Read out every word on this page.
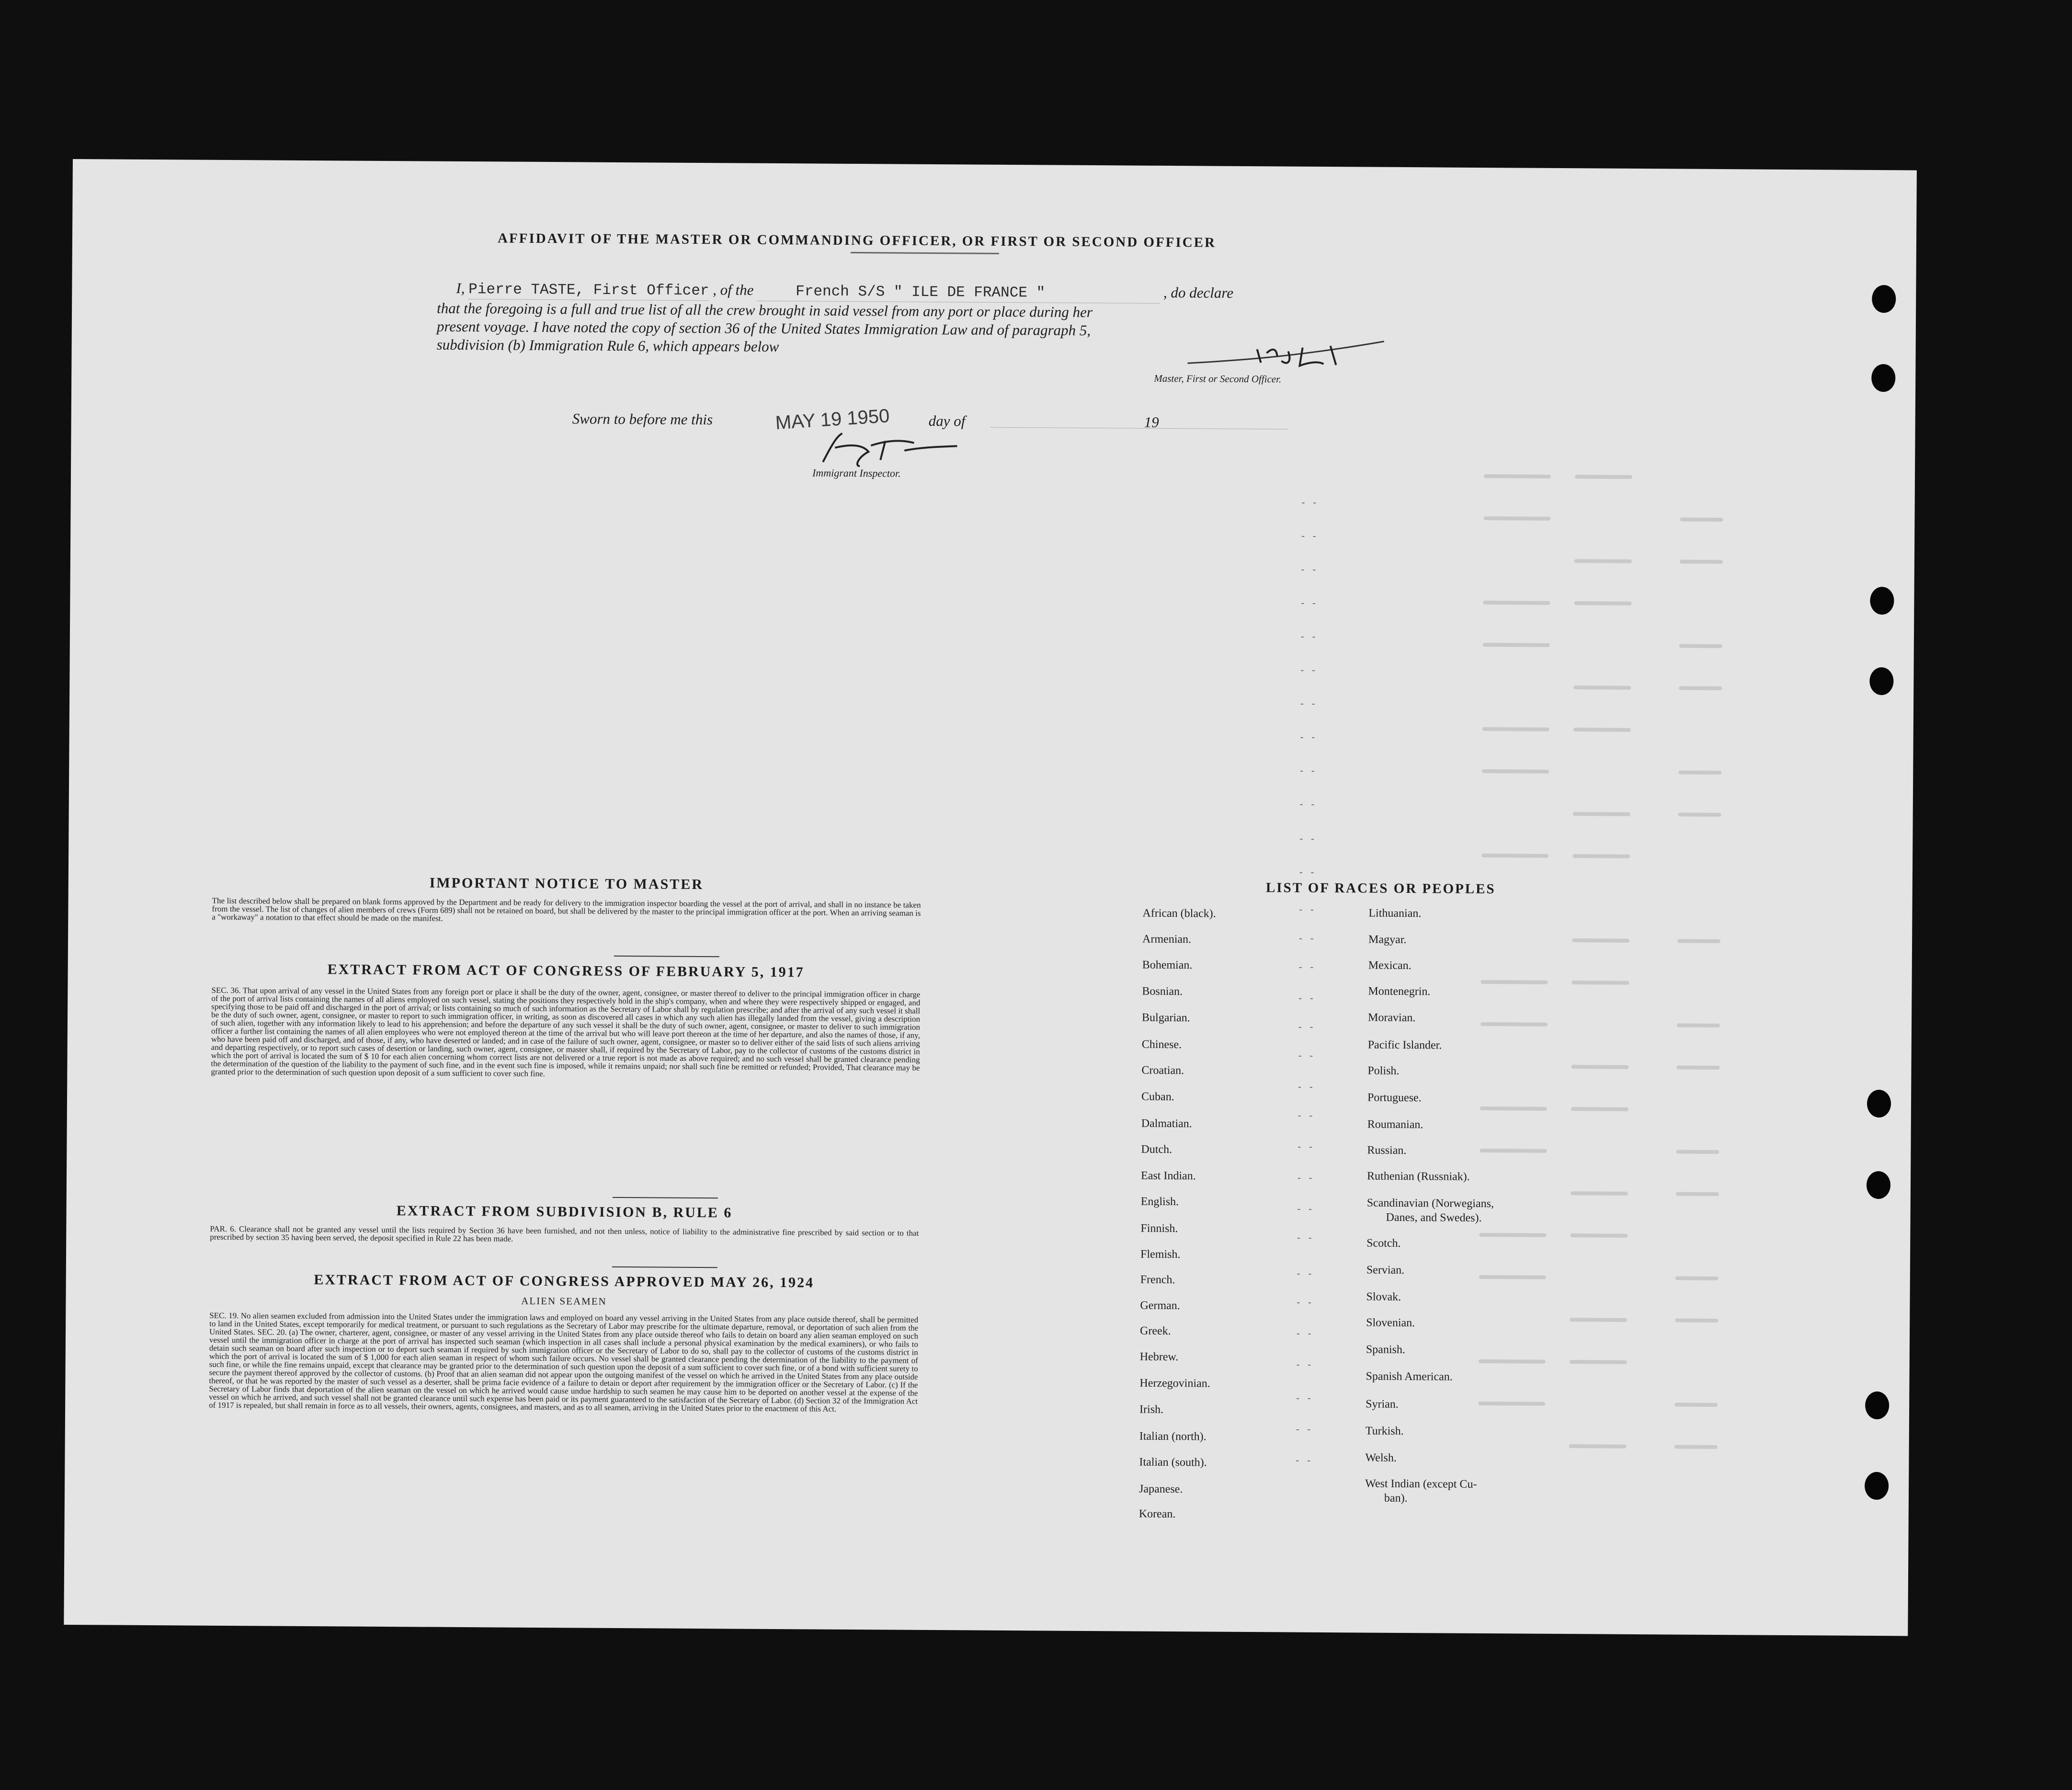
AFFIDAVIT OF THE MASTER OR COMMANDING OFFICER, OR FIRST OR SECOND OFFICER
I, Pierre TASTE, First Officer , of the	French S/S " ILE DE FRANCE "	, do declare
that the foregoing is a full and true list of all the crew brought in said vessel from any port or place during her
present voyage. I have noted the copy of section 36 of the United States Immigration Law and of paragraph 5,
subdivision (b) Immigration Rule 6, which appears below
Master, First or Second Officer.
Sworn to before me this	MAY 19 1950	day of	19
Immigrant Inspector.
IMPORTANT NOTICE TO MASTER
The list described below shall be prepared on blank forms approved by the Department and be ready for delivery to the immigration inspector boarding the vessel at the port of arrival, and shall in no instance be taken from the vessel. The list of changes of alien members of crews (Form 689) shall not be retained on board, but shall be delivered by the master to the principal immigration officer at the port. When an arriving seaman is a "workaway" a notation to that effect should be made on the manifest.
EXTRACT FROM ACT OF CONGRESS OF FEBRUARY 5, 1917
SEC. 36. That upon arrival of any vessel in the United States from any foreign port or place it shall be the duty of the owner, agent, consignee, or master thereof to deliver to the principal immigration officer in charge of the port of arrival lists containing the names of all aliens employed on such vessel, stating the positions they respectively hold in the ship's company, when and where they were respectively shipped or engaged, and specifying those to be paid off and discharged in the port of arrival; or lists containing so much of such information as the Secretary of Labor shall by regulation prescribe; and after the arrival of any such vessel it shall be the duty of such owner, agent, consignee, or master to report to such immigration officer, in writing, as soon as discovered all cases in which any such alien has illegally landed from the vessel, giving a description of such alien, together with any information likely to lead to his apprehension; and before the departure of any such vessel it shall be the duty of such owner, agent, consignee, or master to deliver to such immigration officer a further list containing the names of all alien employees who were not employed thereon at the time of the arrival but who will leave port thereon at the time of her departure, and also the names of those, if any, who have been paid off and discharged, and of those, if any, who have deserted or landed; and in case of the failure of such owner, agent, consignee, or master so to deliver either of the said lists of such aliens arriving and departing respectively, or to report such cases of desertion or landing, such owner, agent, consignee, or master shall, if required by the Secretary of Labor, pay to the collector of customs of the customs district in which the port of arrival is located the sum of $ 10 for each alien concerning whom correct lists are not delivered or a true report is not made as above required; and no such vessel shall be granted clearance pending the determination of the question of the liability to the payment of such fine, and in the event such fine is imposed, while it remains unpaid; nor shall such fine be remitted or refunded; Provided, That clearance may be granted prior to the determination of such question upon deposit of a sum sufficient to cover such fine.
EXTRACT FROM SUBDIVISION B, RULE 6
PAR. 6. Clearance shall not be granted any vessel until the lists required by Section 36 have been furnished, and not then unless, notice of liability to the administrative fine prescribed by said section or to that prescribed by section 35 having been served, the deposit specified in Rule 22 has been made.
EXTRACT FROM ACT OF CONGRESS APPROVED MAY 26, 1924
ALIEN SEAMEN
SEC. 19. No alien seamen excluded from admission into the United States under the immigration laws and employed on board any vessel arriving in the United States from any place outside thereof, shall be permitted to land in the United States, except temporarily for medical treatment, or pursuant to such regulations as the Secretary of Labor may prescribe for the ultimate departure, removal, or deportation of such alien from the United States. SEC. 20. (a) The owner, charterer, agent, consignee, or master of any vessel arriving in the United States from any place outside thereof who fails to detain on board any alien seaman employed on such vessel until the immigration officer in charge at the port of arrival has inspected such seaman (which inspection in all cases shall include a personal physical examination by the medical examiners), or who fails to detain such seaman on board after such inspection or to deport such seaman if required by such immigration officer or the Secretary of Labor to do so, shall pay to the collector of customs of the customs district in which the port of arrival is located the sum of $ 1,000 for each alien seaman in respect of whom such failure occurs. No vessel shall be granted clearance pending the determination of the liability to the payment of such fine, or while the fine remains unpaid, except that clearance may be granted prior to the determination of such question upon the deposit of a sum sufficient to cover such fine, or of a bond with sufficient surety to secure the payment thereof approved by the collector of customs. (b) Proof that an alien seaman did not appear upon the outgoing manifest of the vessel on which he arrived in the United States from any place outside thereof, or that he was reported by the master of such vessel as a deserter, shall be prima facie evidence of a failure to detain or deport after requirement by the immigration officer or the Secretary of Labor. (c) If the Secretary of Labor finds that deportation of the alien seaman on the vessel on which he arrived would cause undue hardship to such seamen he may cause him to be deported on another vessel at the expense of the vessel on which he arrived, and such vessel shall not be granted clearance until such expense has been paid or its payment guaranteed to the satisfaction of the Secretary of Labor. (d) Section 32 of the Immigration Act of 1917 is repealed, but shall remain in force as to all vessels, their owners, agents, consignees, and masters, and as to all seamen, arriving in the United States prior to the enactment of this Act.
LIST OF RACES OR PEOPLES
African (black).
Armenian.
Bohemian.
Bosnian.
Bulgarian.
Chinese.
Croatian.
Cuban.
Dalmatian.
Dutch.
East Indian.
English.
Finnish.
Flemish.
French.
German.
Greek.
Hebrew.
Herzegovinian.
Irish.
Italian (north).
Italian (south).
Japanese.
Korean.
Lithuanian.
Magyar.
Mexican.
Montenegrin.
Moravian.
Pacific Islander.
Polish.
Portuguese.
Roumanian.
Russian.
Ruthenian (Russniak).
Scandinavian (Norwegians,
Danes, and Swedes).
Scotch.
Servian.
Slovak.
Slovenian.
Spanish.
Spanish American.
Syrian.
Turkish.
Welsh.
West Indian (except Cu-
ban).
- -
- -
- -
- -
- -
- -
- -
- -
- -
- -
- -
- -
- -
- -
- -
- -
- -
- -
- -
- -
- -
- -
- -
- -
- -
- -
- -
- -
- -
- -
- -
